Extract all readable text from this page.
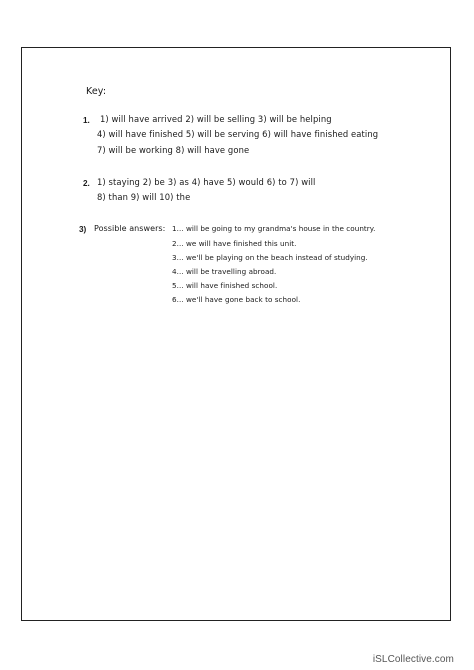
Key:
1. 1) will have arrived 2) will be selling 3) will be helping
4) will have finished 5) will be serving 6) will have finished eating
7) will be working 8) will have gone
2. 1) staying 2) be 3) as 4) have 5) would 6) to 7) will
8) than 9) will 10) the
3) Possible answers: 1... will be going to my grandma's house in the country.
2... we will have finished this unit.
3... we'll be playing on the beach instead of studying.
4... will be travelling abroad.
5... will have finished school.
6... we'll have gone back to school.
iSLCollective.com
